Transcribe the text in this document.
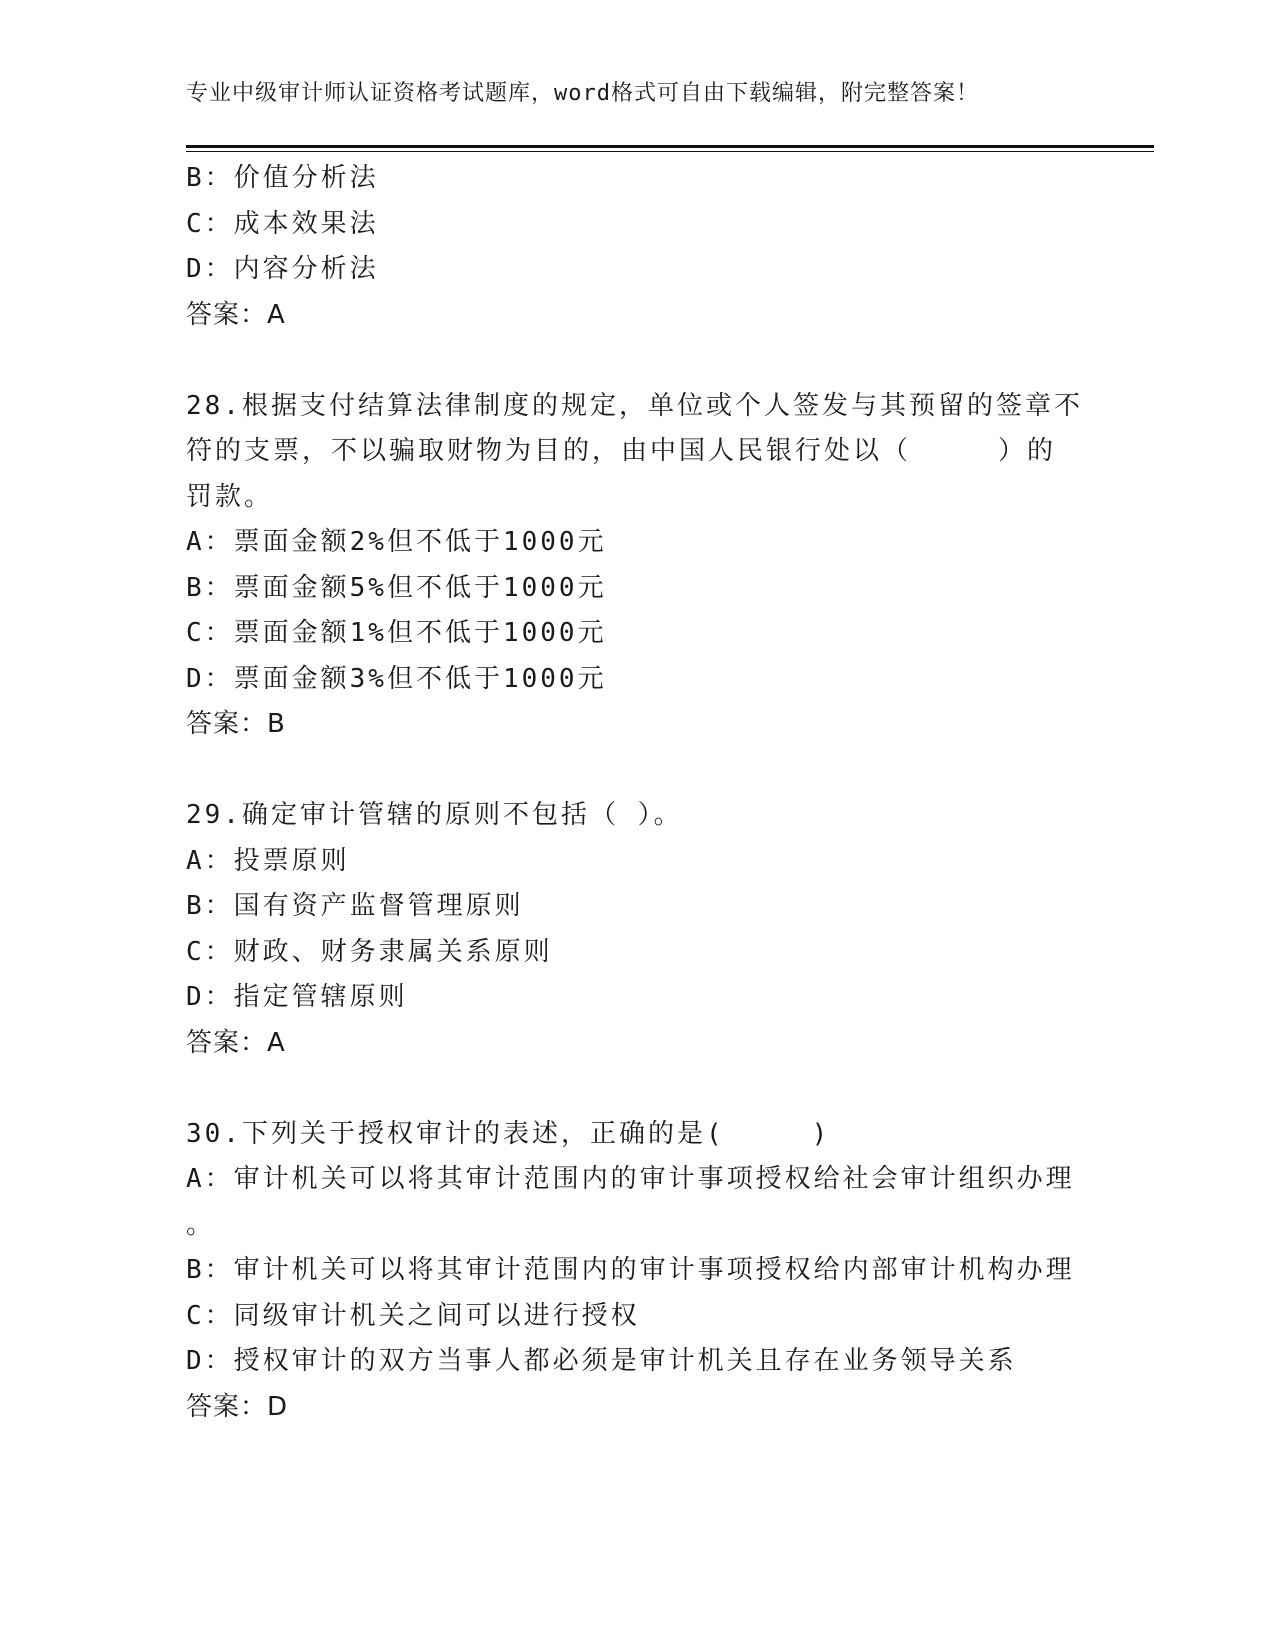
专业中级审计师认证资格考试题库，word格式可自由下载编辑，附完整答案！
B：价值分析法
C：成本效果法
D：内容分析法
答案：A
28.根据支付结算法律制度的规定，单位或个人签发与其预留的签章不
符的支票，不以骗取财物为目的，由中国人民银行处以（　　　）的
罚款。
A：票面金额2%但不低于1000元
B：票面金额5%但不低于1000元
C：票面金额1%但不低于1000元
D：票面金额3%但不低于1000元
答案：B
29.确定审计管辖的原则不包括（ ）。
A：投票原则
B：国有资产监督管理原则
C：财政、财务隶属关系原则
D：指定管辖原则
答案：A
30.下列关于授权审计的表述，正确的是(　　　)
A：审计机关可以将其审计范围内的审计事项授权给社会审计组织办理
。
B：审计机关可以将其审计范围内的审计事项授权给内部审计机构办理
C：同级审计机关之间可以进行授权
D：授权审计的双方当事人都必须是审计机关且存在业务领导关系
答案：D
